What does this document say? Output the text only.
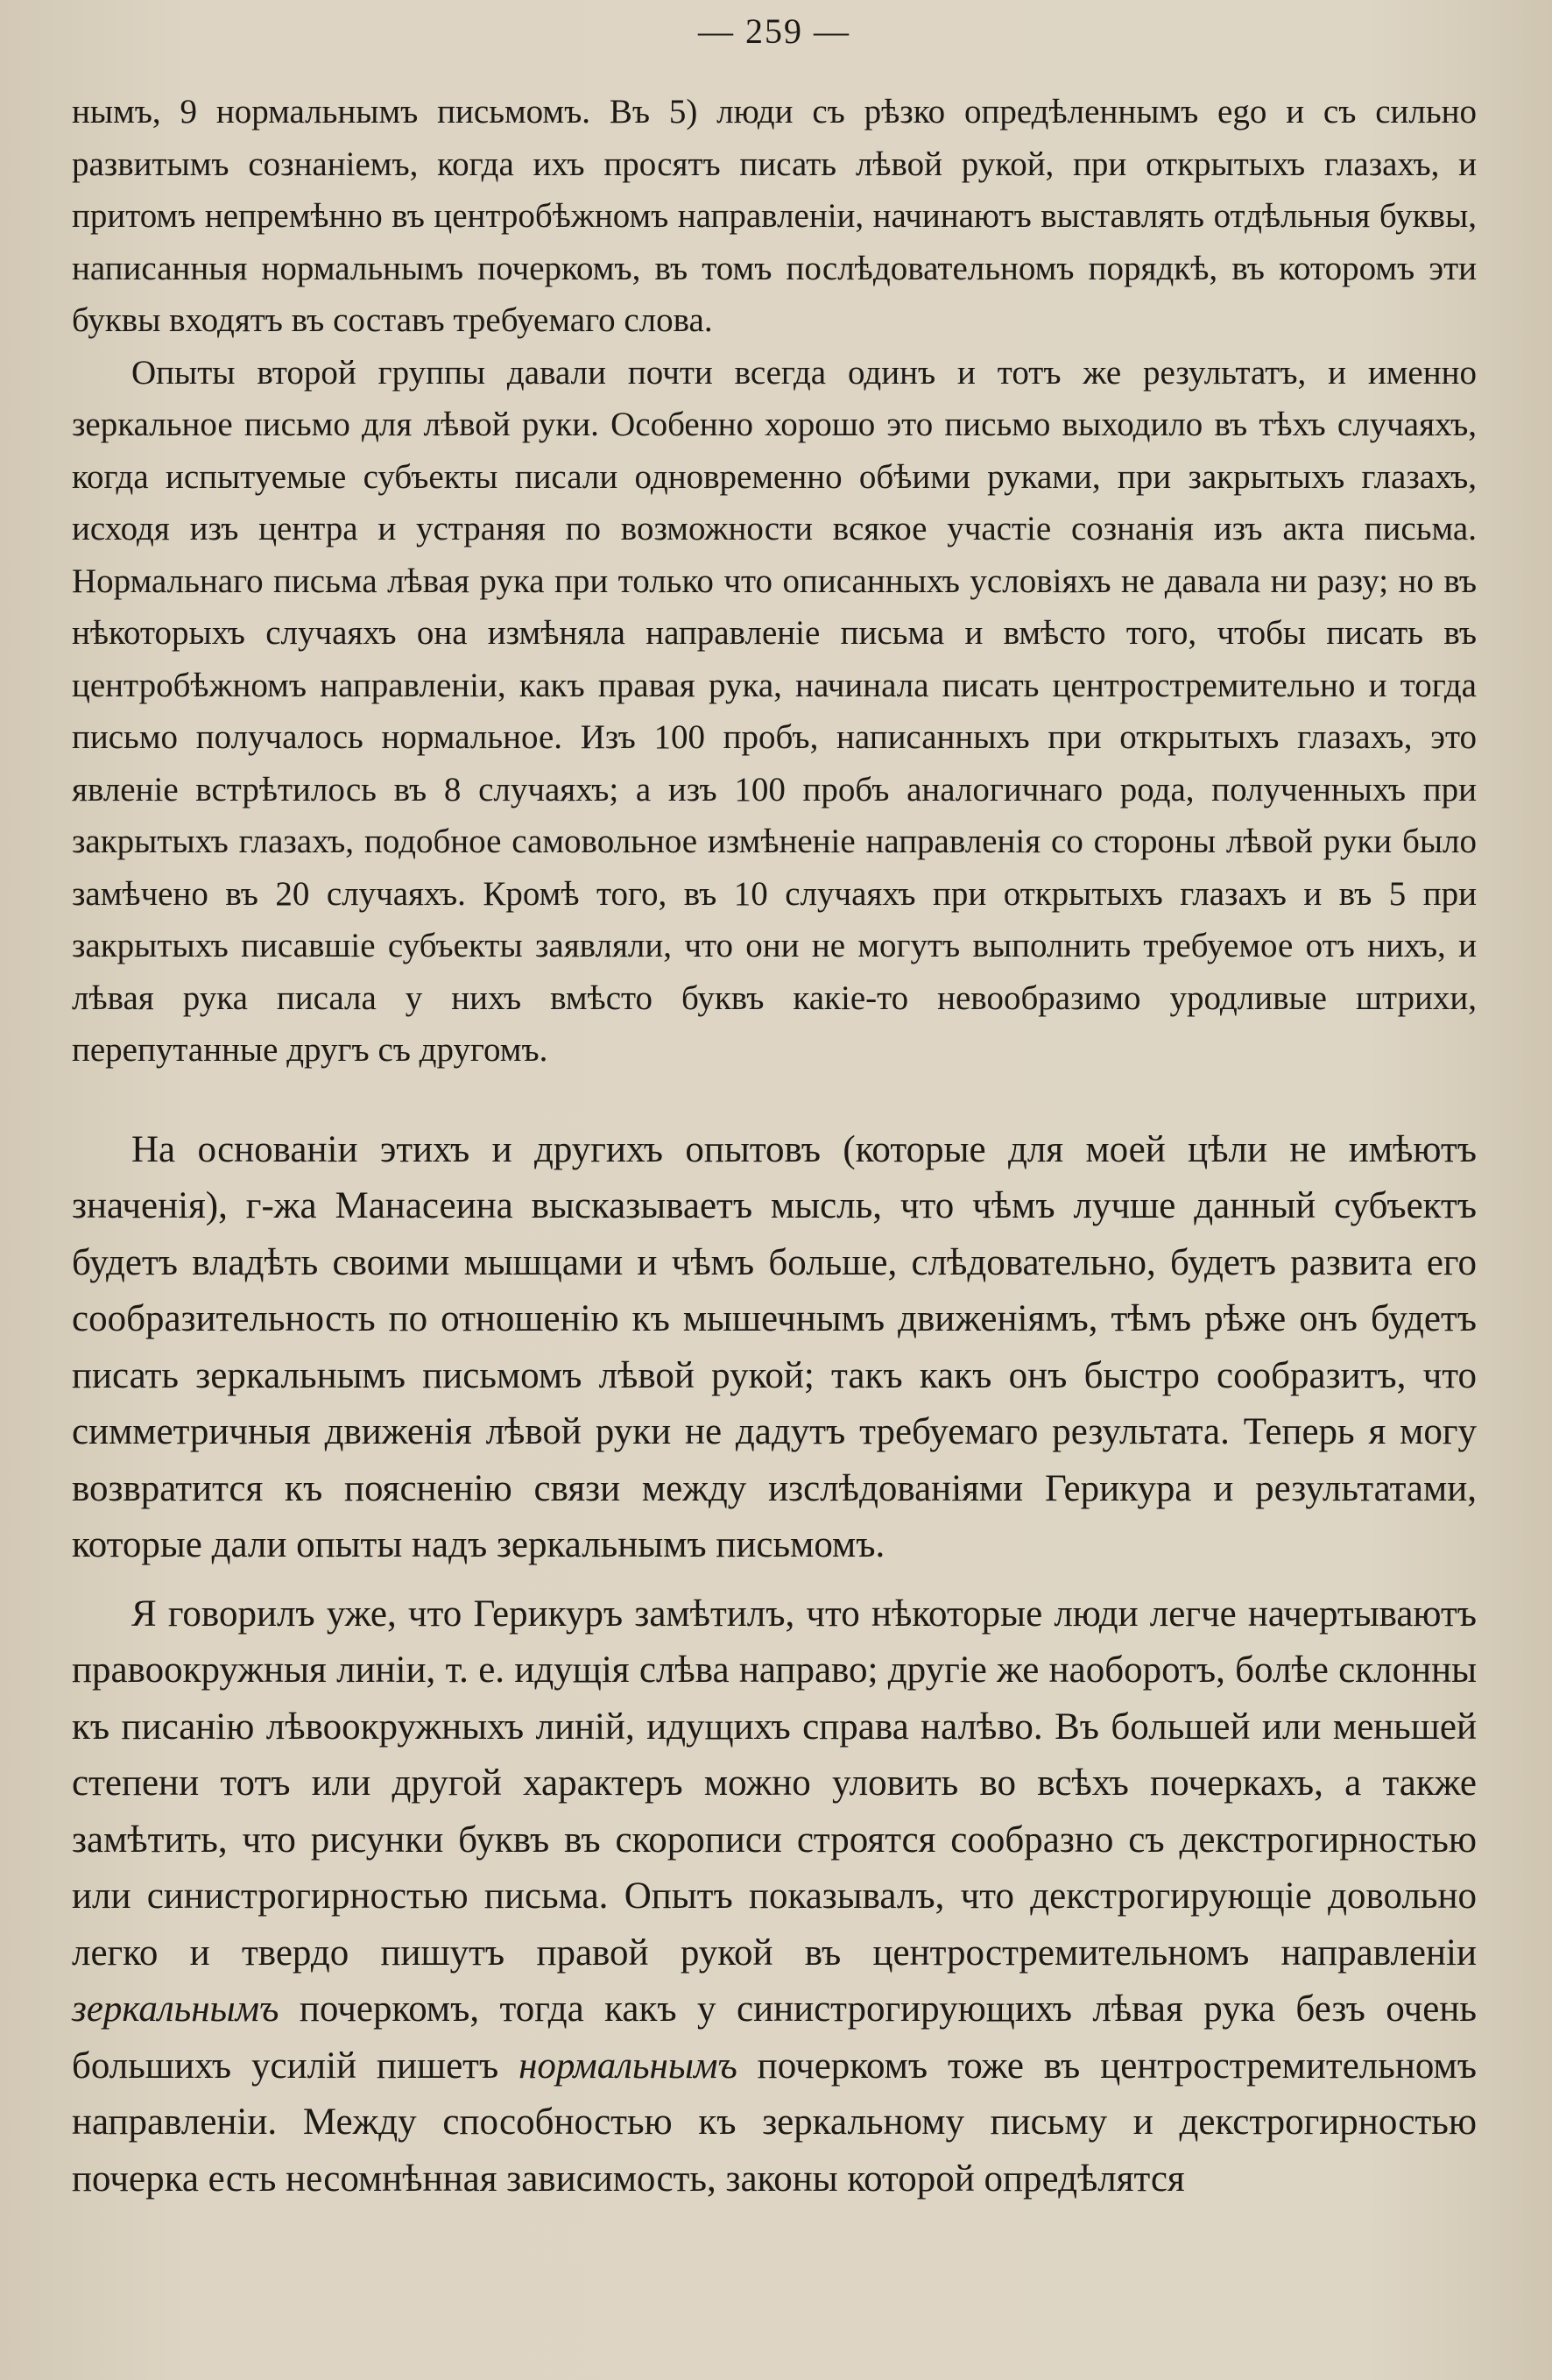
— 259 —

нымъ, 9 нормальнымъ письмомъ. Въ 5) люди съ рѣзко опредѣленнымъ ego и съ сильно развитымъ сознаніемъ, когда ихъ просятъ писать лѣвой рукой, при открытыхъ глазахъ, и притомъ непремѣнно въ центробѣжномъ направленіи, начинаютъ выставлять отдѣльныя буквы, написанныя нормальнымъ почеркомъ, въ томъ послѣдовательномъ порядкѣ, въ которомъ эти буквы входятъ въ составъ требуемаго слова.

Опыты второй группы давали почти всегда одинъ и тотъ же результатъ, и именно зеркальное письмо для лѣвой руки. Особенно хорошо это письмо выходило въ тѣхъ случаяхъ, когда испытуемые субъекты писали одновременно обѣими руками, при закрытыхъ глазахъ, исходя изъ центра и устраняя по возможности всякое участіе сознанія изъ акта письма. Нормальнаго письма лѣвая рука при только что описанныхъ условіяхъ не давала ни разу; но въ нѣкоторыхъ случаяхъ она измѣняла направленіе письма и вмѣсто того, чтобы писать въ центробѣжномъ направленіи, какъ правая рука, начинала писать центростремительно и тогда письмо получалось нормальное. Изъ 100 пробъ, написанныхъ при открытыхъ глазахъ, это явленіе встрѣтилось въ 8 случаяхъ; а изъ 100 пробъ аналогичнаго рода, полученныхъ при закрытыхъ глазахъ, подобное самовольное измѣненіе направленія со стороны лѣвой руки было замѣчено въ 20 случаяхъ. Кромѣ того, въ 10 случаяхъ при открытыхъ глазахъ и въ 5 при закрытыхъ писавшіе субъекты заявляли, что они не могутъ выполнить требуемое отъ нихъ, и лѣвая рука писала у нихъ вмѣсто буквъ какіе-то невообразимо уродливые штрихи, перепутанные другъ съ другомъ.

На основаніи этихъ и другихъ опытовъ (которые для моей цѣли не имѣютъ значенія), г-жа Манасеина высказываетъ мысль, что чѣмъ лучше данный субъектъ будетъ владѣть своими мышцами и чѣмъ больше, слѣдовательно, будетъ развита его сообразительность по отношенію къ мышечнымъ движеніямъ, тѣмъ рѣже онъ будетъ писать зеркальнымъ письмомъ лѣвой рукой; такъ какъ онъ быстро сообразитъ, что симметричныя движенія лѣвой руки не дадутъ требуемаго результата. Теперь я могу возвратится къ поясненію связи между изслѣдованіями Герикура и результатами, которые дали опыты надъ зеркальнымъ письмомъ.

Я говорилъ уже, что Герикуръ замѣтилъ, что нѣкоторые люди легче начертываютъ правоокружныя линіи, т. е. идущія слѣва направо; другіе же наоборотъ, болѣе склонны къ писанію лѣвоокружныхъ линій, идущихъ справа налѣво. Въ большей или меньшей степени тотъ или другой характеръ можно уловить во всѣхъ почеркахъ, а также замѣтить, что рисунки буквъ въ скорописи строятся сообразно съ декстрогирностью или синистрогирностью письма. Опытъ показывалъ, что декстрогирующіе довольно легко и твердо пишутъ правой рукой въ центростремительномъ направленіи зеркальнымъ почеркомъ, тогда какъ у синистрогирующихъ лѣвая рука безъ очень большихъ усилій пишетъ нормальнымъ почеркомъ тоже въ центростремительномъ направленіи. Между способностью къ зеркальному письму и декстрогирностью почерка есть несомнѣнная зависимость, законы которой опредѣлятся
